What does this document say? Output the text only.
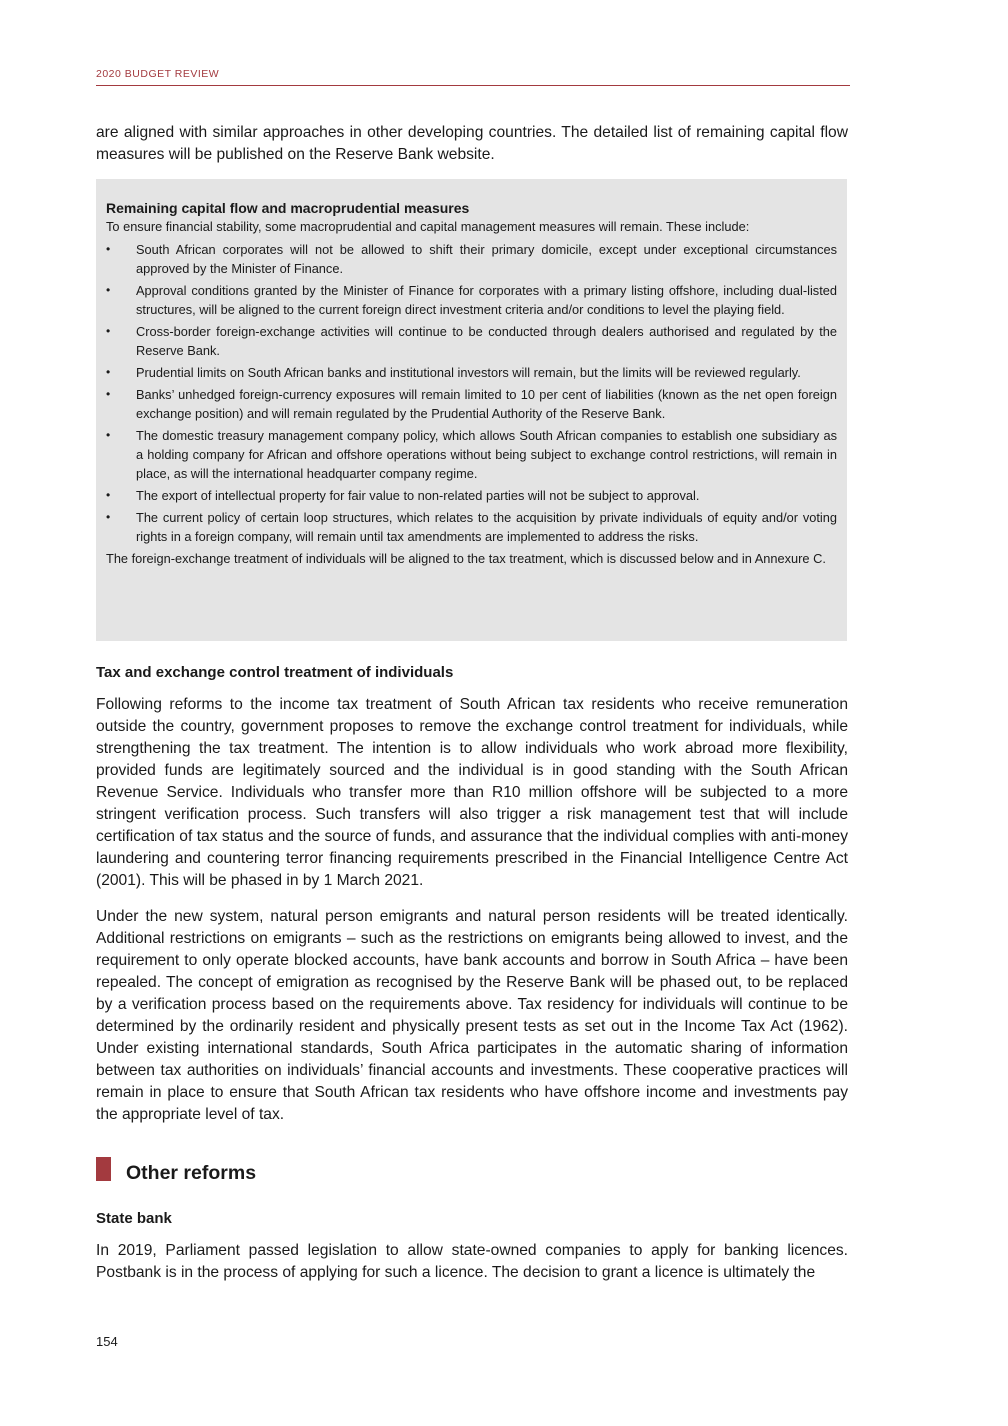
2020 BUDGET REVIEW

are aligned with similar approaches in other developing countries. The detailed list of remaining capital flow measures will be published on the Reserve Bank website.

Remaining capital flow and macroprudential measures

To ensure financial stability, some macroprudential and capital management measures will remain. These include:

• South African corporates will not be allowed to shift their primary domicile, except under exceptional circumstances approved by the Minister of Finance.
• Approval conditions granted by the Minister of Finance for corporates with a primary listing offshore, including dual-listed structures, will be aligned to the current foreign direct investment criteria and/or conditions to level the playing field.
• Cross-border foreign-exchange activities will continue to be conducted through dealers authorised and regulated by the Reserve Bank.
• Prudential limits on South African banks and institutional investors will remain, but the limits will be reviewed regularly.
• Banks’ unhedged foreign-currency exposures will remain limited to 10 per cent of liabilities (known as the net open foreign exchange position) and will remain regulated by the Prudential Authority of the Reserve Bank.
• The domestic treasury management company policy, which allows South African companies to establish one subsidiary as a holding company for African and offshore operations without being subject to exchange control restrictions, will remain in place, as will the international headquarter company regime.
• The export of intellectual property for fair value to non-related parties will not be subject to approval.
• The current policy of certain loop structures, which relates to the acquisition by private individuals of equity and/or voting rights in a foreign company, will remain until tax amendments are implemented to address the risks.

The foreign-exchange treatment of individuals will be aligned to the tax treatment, which is discussed below and in Annexure C.

Tax and exchange control treatment of individuals

Following reforms to the income tax treatment of South African tax residents who receive remuneration outside the country, government proposes to remove the exchange control treatment for individuals, while strengthening the tax treatment. The intention is to allow individuals who work abroad more flexibility, provided funds are legitimately sourced and the individual is in good standing with the South African Revenue Service. Individuals who transfer more than R10 million offshore will be subjected to a more stringent verification process. Such transfers will also trigger a risk management test that will include certification of tax status and the source of funds, and assurance that the individual complies with anti-money laundering and countering terror financing requirements prescribed in the Financial Intelligence Centre Act (2001). This will be phased in by 1 March 2021.

Under the new system, natural person emigrants and natural person residents will be treated identically. Additional restrictions on emigrants – such as the restrictions on emigrants being allowed to invest, and the requirement to only operate blocked accounts, have bank accounts and borrow in South Africa – have been repealed. The concept of emigration as recognised by the Reserve Bank will be phased out, to be replaced by a verification process based on the requirements above. Tax residency for individuals will continue to be determined by the ordinarily resident and physically present tests as set out in the Income Tax Act (1962). Under existing international standards, South Africa participates in the automatic sharing of information between tax authorities on individuals’ financial accounts and investments. These cooperative practices will remain in place to ensure that South African tax residents who have offshore income and investments pay the appropriate level of tax.

Other reforms

State bank

In 2019, Parliament passed legislation to allow state-owned companies to apply for banking licences. Postbank is in the process of applying for such a licence. The decision to grant a licence is ultimately the

154
